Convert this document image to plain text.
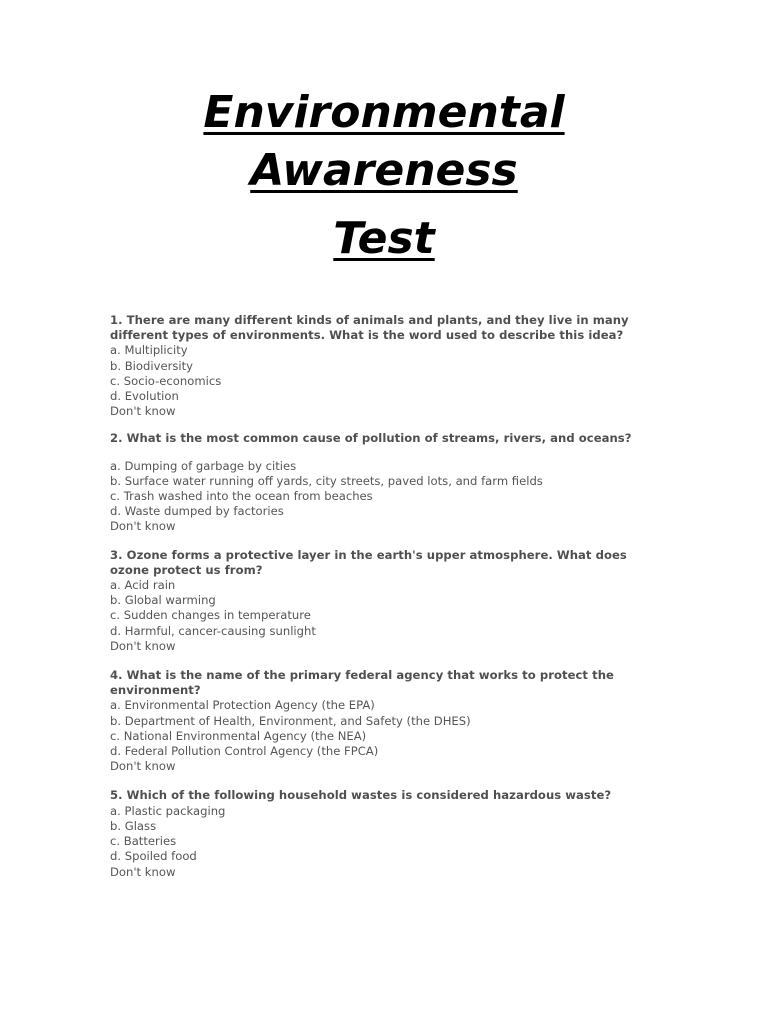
Environmental
Awareness
Test
1. There are many different kinds of animals and plants, and they live in many
different types of environments. What is the word used to describe this idea?
a. Multiplicity
b. Biodiversity
c. Socio-economics
d. Evolution
Don't know
2. What is the most common cause of pollution of streams, rivers, and oceans?
a. Dumping of garbage by cities
b. Surface water running off yards, city streets, paved lots, and farm fields
c. Trash washed into the ocean from beaches
d. Waste dumped by factories
Don't know
3. Ozone forms a protective layer in the earth's upper atmosphere. What does
ozone protect us from?
a. Acid rain
b. Global warming
c. Sudden changes in temperature
d. Harmful, cancer-causing sunlight
Don't know
4. What is the name of the primary federal agency that works to protect the
environment?
a. Environmental Protection Agency (the EPA)
b. Department of Health, Environment, and Safety (the DHES)
c. National Environmental Agency (the NEA)
d. Federal Pollution Control Agency (the FPCA)
Don't know
5. Which of the following household wastes is considered hazardous waste?
a. Plastic packaging
b. Glass
c. Batteries
d. Spoiled food
Don't know
